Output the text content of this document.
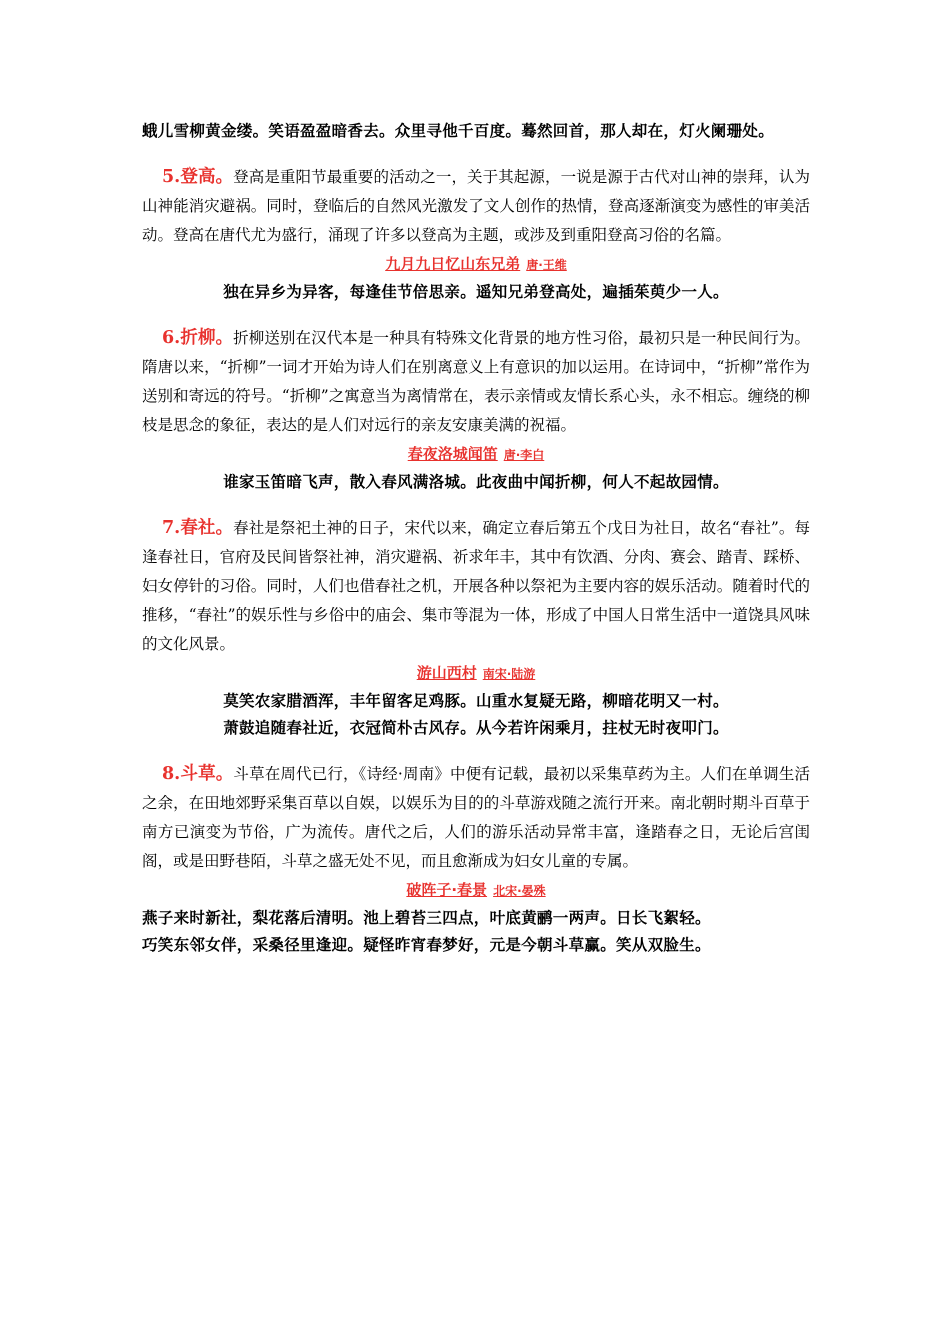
蛾儿雪柳黄金缕。笑语盈盈暗香去。众里寻他千百度。蓦然回首，那人却在，灯火阑珊处。

5.登高。登高是重阳节最重要的活动之一，关于其起源，一说是源于古代对山神的崇拜，认为山神能消灾避祸。同时，登临后的自然风光激发了文人创作的热情，登高逐渐演变为感性的审美活动。登高在唐代尤为盛行，涌现了许多以登高为主题，或涉及到重阳登高习俗的名篇。

九月九日忆山东兄弟 唐·王维
独在异乡为异客，每逢佳节倍思亲。遥知兄弟登高处，遍插茱萸少一人。

6.折柳。折柳送别在汉代本是一种具有特殊文化背景的地方性习俗，最初只是一种民间行为。隋唐以来，“折柳”一词才开始为诗人们在别离意义上有意识的加以运用。在诗词中，“折柳”常作为送别和寄远的符号。“折柳”之寓意当为离情常在，表示亲情或友情长系心头，永不相忘。缠绕的柳枝是思念的象征，表达的是人们对远行的亲友安康美满的祝福。

春夜洛城闻笛 唐·李白
谁家玉笛暗飞声，散入春风满洛城。此夜曲中闻折柳，何人不起故园情。

7.春社。春社是祭祀土神的日子，宋代以来，确定立春后第五个戊日为社日，故名“春社”。每逢春社日，官府及民间皆祭社神，消灾避祸、祈求年丰，其中有饮酒、分肉、赛会、踏青、踩桥、妇女停针的习俗。同时，人们也借春社之机，开展各种以祭祀为主要内容的娱乐活动。随着时代的推移，“春社”的娱乐性与乡俗中的庙会、集市等混为一体，形成了中国人日常生活中一道饶具风味的文化风景。

游山西村 南宋·陆游
莫笑农家腊酒浑，丰年留客足鸡豚。山重水复疑无路，柳暗花明又一村。
萧鼓追随春社近，衣冠简朴古风存。从今若许闲乘月，拄杖无时夜叩门。

8.斗草。斗草在周代已行，《诗经·周南》中便有记载，最初以采集草药为主。人们在单调生活之余，在田地郊野采集百草以自娱，以娱乐为目的的斗草游戏随之流行开来。南北朝时期斗百草于南方已演变为节俗，广为流传。唐代之后，人们的游乐活动异常丰富，逢踏春之日，无论后宫闺阁，或是田野巷陌，斗草之盛无处不见，而且愈渐成为妇女儿童的专属。

破阵子·春景 北宋·晏殊
燕子来时新社，梨花落后清明。池上碧苔三四点，叶底黄鹂一两声。日长飞絮轻。
巧笑东邻女伴，采桑径里逢迎。疑怪昨宵春梦好，元是今朝斗草赢。笑从双脸生。
